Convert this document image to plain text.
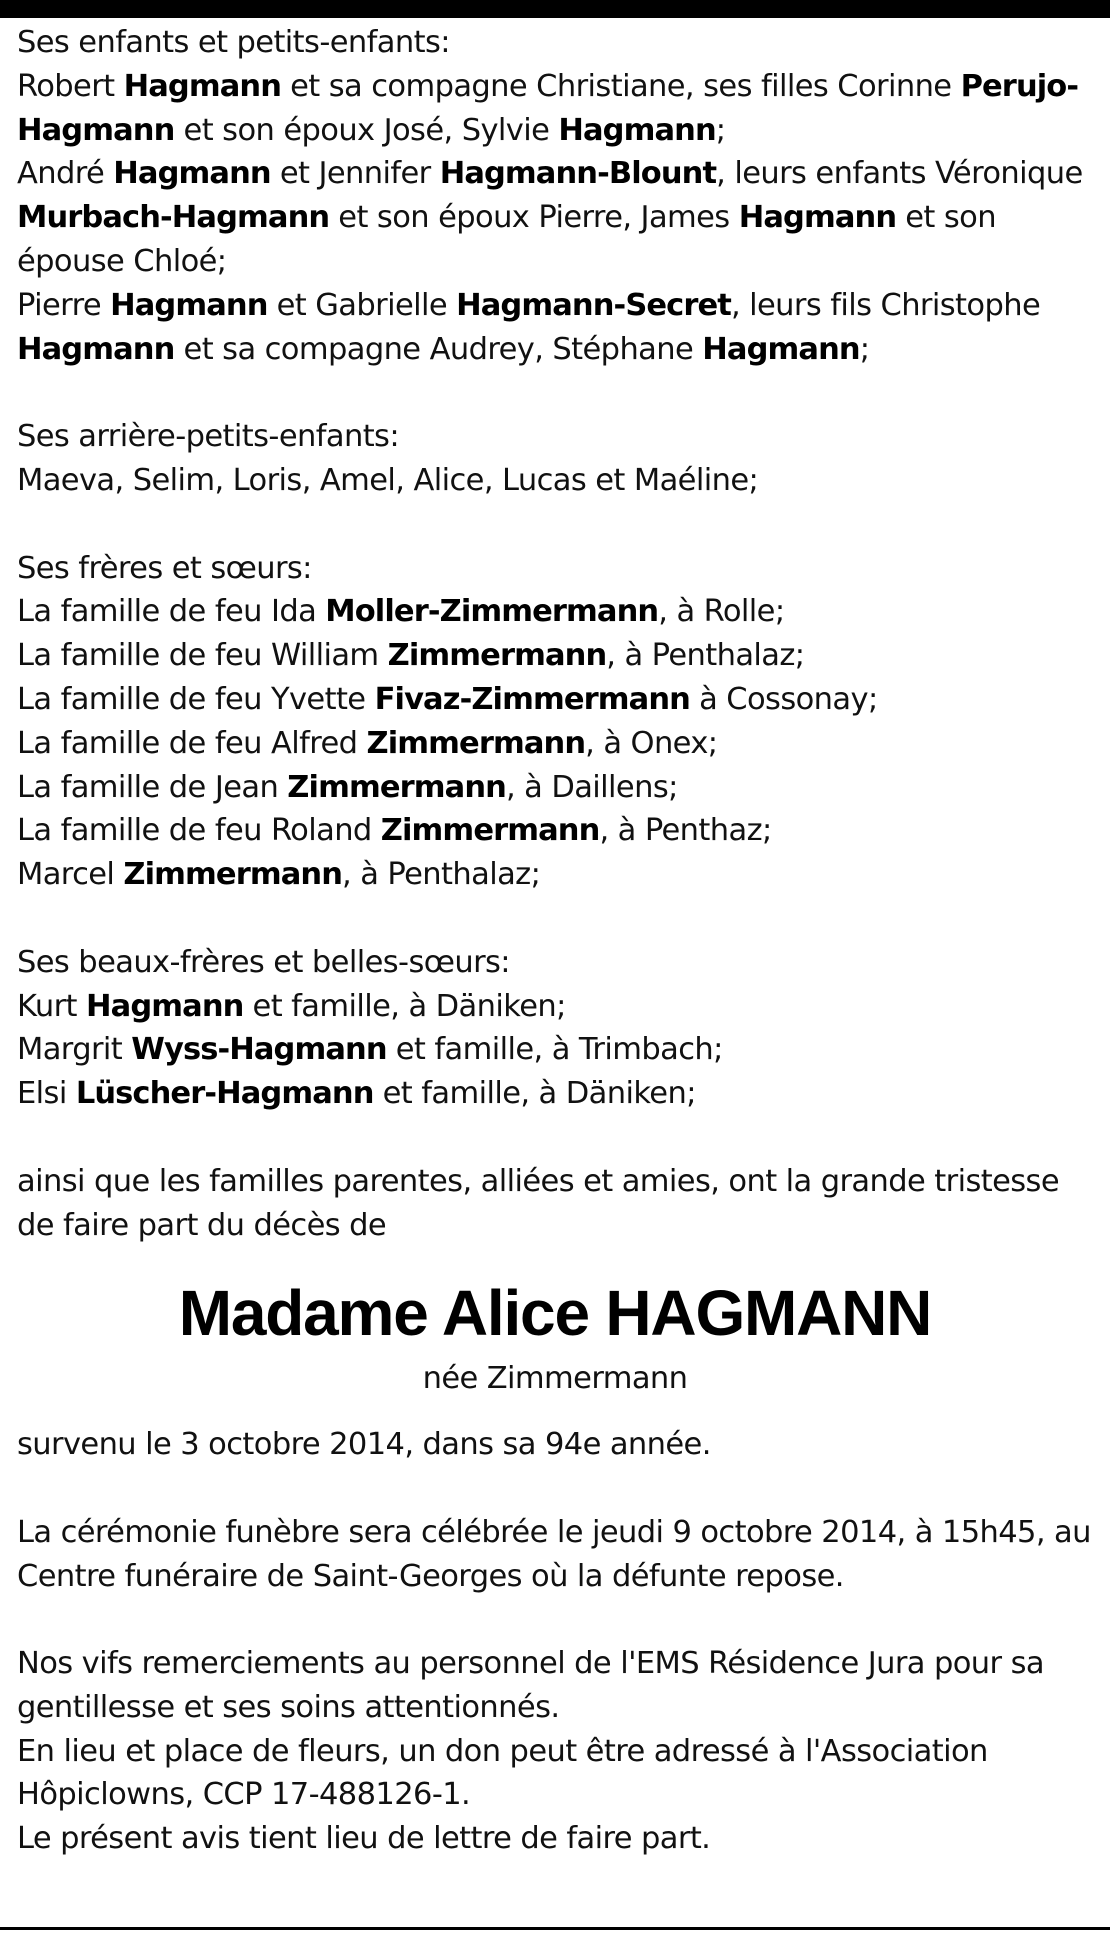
Ses enfants et petits-enfants:
Robert Hagmann et sa compagne Christiane, ses filles Corinne Perujo-
Hagmann et son époux José, Sylvie Hagmann;
André Hagmann et Jennifer Hagmann-Blount, leurs enfants Véronique
Murbach-Hagmann et son époux Pierre, James Hagmann et son
épouse Chloé;
Pierre Hagmann et Gabrielle Hagmann-Secret, leurs fils Christophe
Hagmann et sa compagne Audrey, Stéphane Hagmann;
Ses arrière-petits-enfants:
Maeva, Selim, Loris, Amel, Alice, Lucas et Maéline;
Ses frères et sœurs:
La famille de feu Ida Moller-Zimmermann, à Rolle;
La famille de feu William Zimmermann, à Penthalaz;
La famille de feu Yvette Fivaz-Zimmermann à Cossonay;
La famille de feu Alfred Zimmermann, à Onex;
La famille de Jean Zimmermann, à Daillens;
La famille de feu Roland Zimmermann, à Penthaz;
Marcel Zimmermann, à Penthalaz;
Ses beaux-frères et belles-sœurs:
Kurt Hagmann et famille, à Däniken;
Margrit Wyss-Hagmann et famille, à Trimbach;
Elsi Lüscher-Hagmann et famille, à Däniken;
ainsi que les familles parentes, alliées et amies, ont la grande tristesse
de faire part du décès de
Madame Alice HAGMANN
née Zimmermann
survenu le 3 octobre 2014, dans sa 94e année.
La cérémonie funèbre sera célébrée le jeudi 9 octobre 2014, à 15h45, au
Centre funéraire de Saint-Georges où la défunte repose.
Nos vifs remerciements au personnel de l'EMS Résidence Jura pour sa
gentillesse et ses soins attentionnés.
En lieu et place de fleurs, un don peut être adressé à l'Association
Hôpiclowns, CCP 17-488126-1.
Le présent avis tient lieu de lettre de faire part.
